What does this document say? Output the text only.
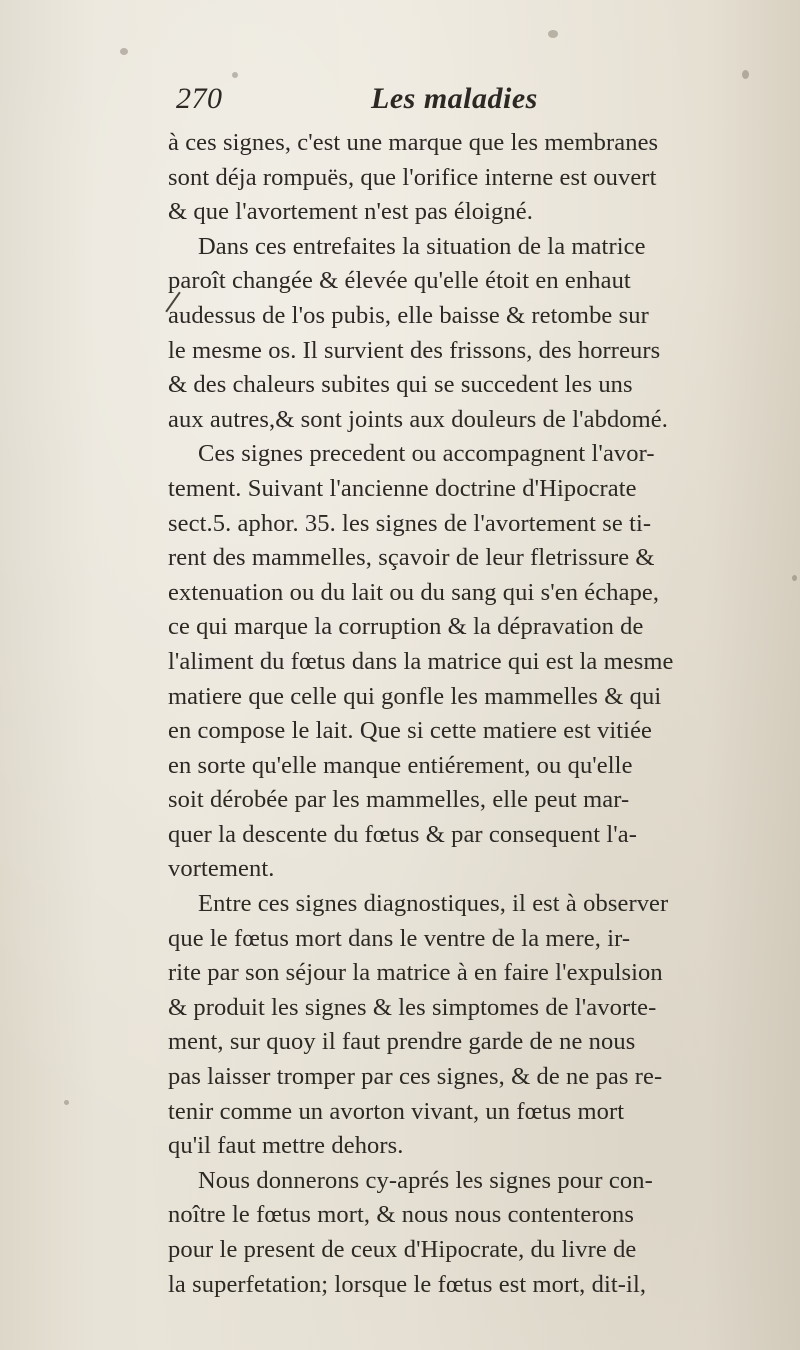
270	Les maladies
à ces signes, c'est une marque que les membranes
sont déja rompuës, que l'orifice interne est ouvert
& que l'avortement n'est pas éloigné.
Dans ces entrefaites la situation de la matrice
paroît changée & élevée qu'elle étoit en enhaut
audessus de l'os pubis, elle baisse & retombe sur
le mesme os. Il survient des frissons, des horreurs
& des chaleurs subites qui se succedent les uns
aux autres,& sont joints aux douleurs de l'abdomé.
Ces signes precedent ou accompagnent l'avor-
tement. Suivant l'ancienne doctrine d'Hipocrate
sect.5. aphor. 35. les signes de l'avortement se ti-
rent des mammelles, sçavoir de leur fletrissure &
extenuation ou du lait ou du sang qui s'en échape,
ce qui marque la corruption & la dépravation de
l'aliment du fœtus dans la matrice qui est la mesme
matiere que celle qui gonfle les mammelles & qui
en compose le lait. Que si cette matiere est vitiée
en sorte qu'elle manque entiérement, ou qu'elle
soit dérobée par les mammelles, elle peut mar-
quer la descente du fœtus & par consequent l'a-
vortement.
Entre ces signes diagnostiques, il est à observer
que le fœtus mort dans le ventre de la mere, ir-
rite par son séjour la matrice à en faire l'expulsion
& produit les signes & les simptomes de l'avorte-
ment, sur quoy il faut prendre garde de ne nous
pas laisser tromper par ces signes, & de ne pas re-
tenir comme un avorton vivant, un fœtus mort
qu'il faut mettre dehors.
Nous donnerons cy-aprés les signes pour con-
noître le fœtus mort, & nous nous contenterons
pour le present de ceux d'Hipocrate, du livre de
la superfetation; lorsque le fœtus est mort, dit-il,
